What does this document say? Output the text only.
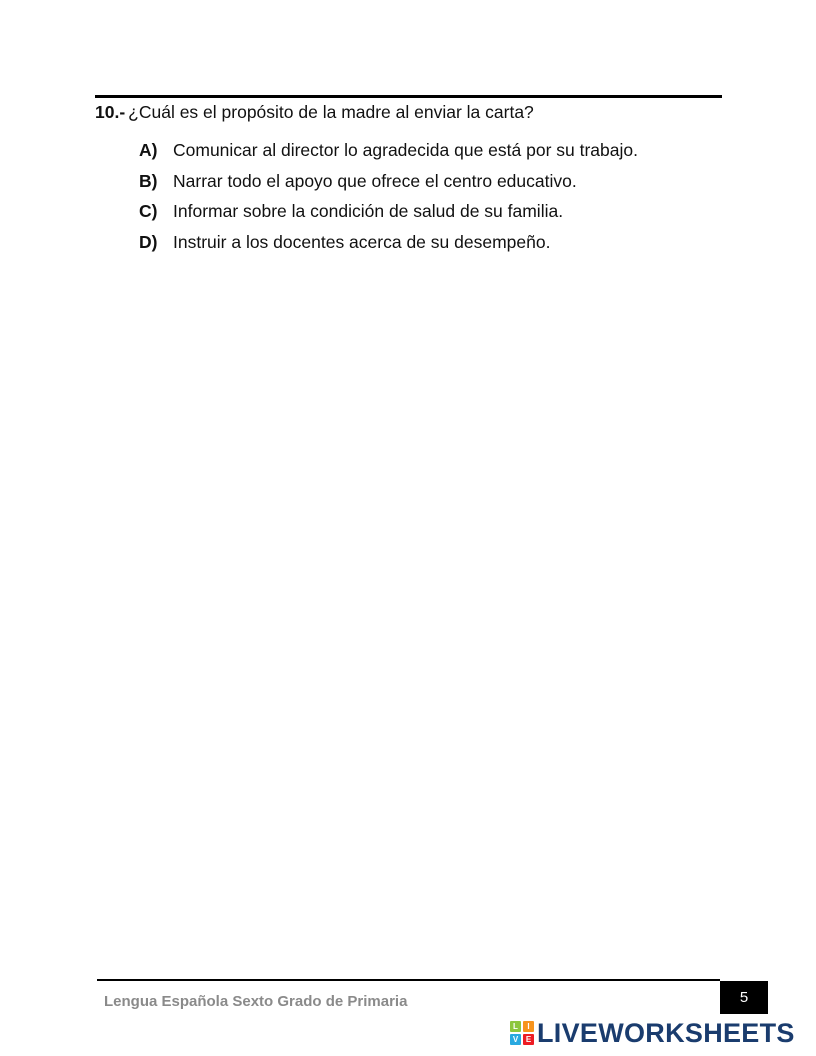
10.- ¿Cuál es el propósito de la madre al enviar la carta?
A) Comunicar al director lo agradecida que está por su trabajo.
B) Narrar todo el apoyo que ofrece el centro educativo.
C) Informar sobre la condición de salud de su familia.
D) Instruir a los docentes acerca de su desempeño.
Lengua Española Sexto Grado de Primaria	5
L	I
V E LIVEWORKSHEETS
